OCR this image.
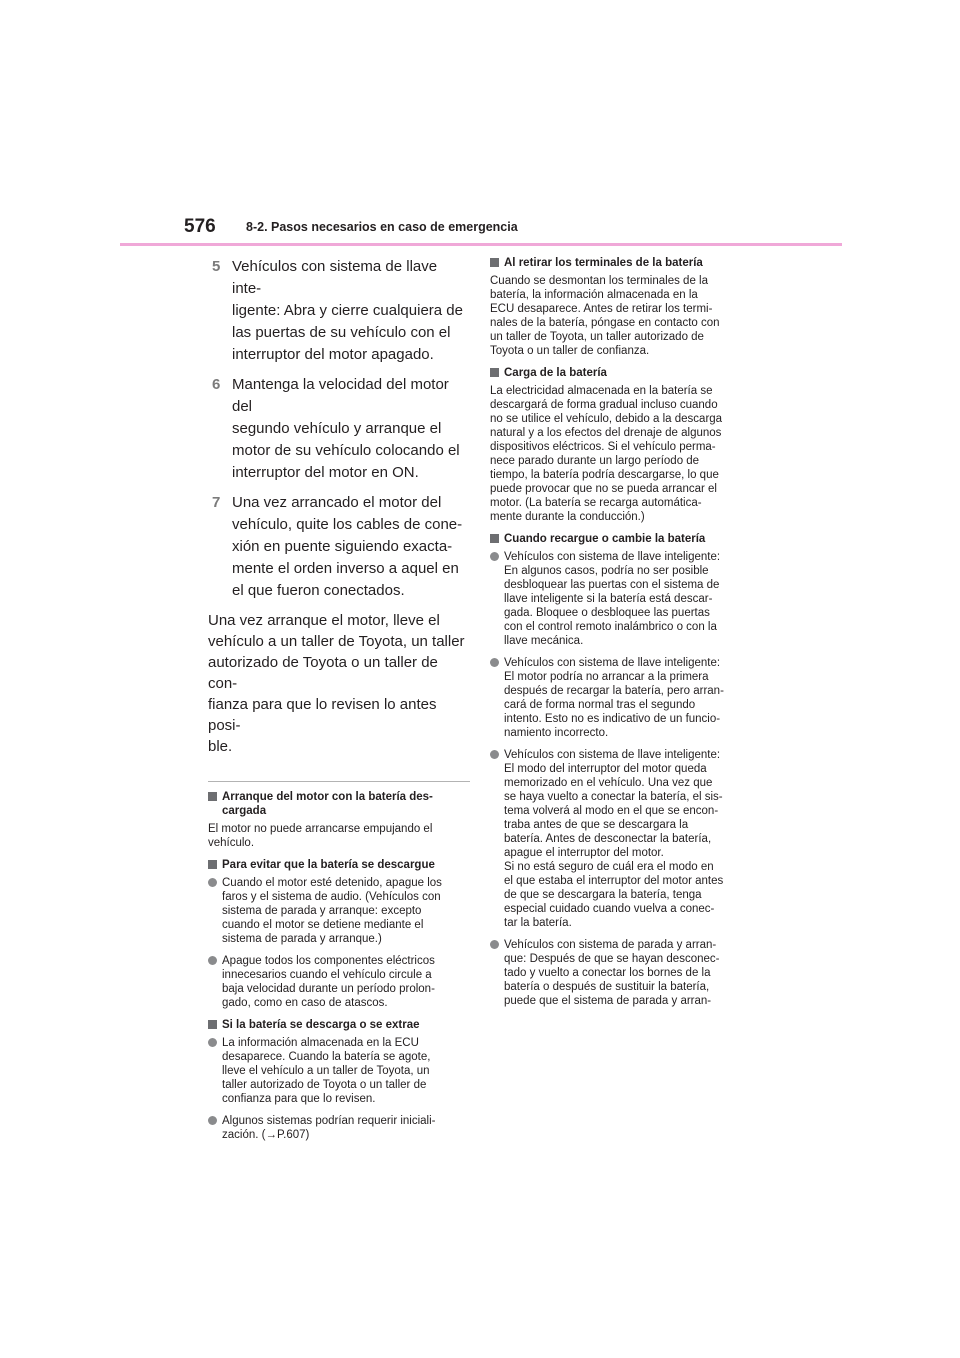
576 8-2. Pasos necesarios en caso de emergencia
5 Vehículos con sistema de llave inte-
ligente: Abra y cierre cualquiera de
las puertas de su vehículo con el
interruptor del motor apagado.
6 Mantenga la velocidad del motor del
segundo vehículo y arranque el
motor de su vehículo colocando el
interruptor del motor en ON.
7 Una vez arrancado el motor del
vehículo, quite los cables de cone-
xión en puente siguiendo exacta-
mente el orden inverso a aquel en
el que fueron conectados.
Una vez arranque el motor, lleve el
vehículo a un taller de Toyota, un taller
autorizado de Toyota o un taller de con-
fianza para que lo revisen lo antes posi-
ble.
Arranque del motor con la batería des-
cargada
El motor no puede arrancarse empujando el
vehículo.
Para evitar que la batería se descargue
Cuando el motor esté detenido, apague los
faros y el sistema de audio. (Vehículos con
sistema de parada y arranque: excepto
cuando el motor se detiene mediante el
sistema de parada y arranque.)
Apague todos los componentes eléctricos
innecesarios cuando el vehículo circule a
baja velocidad durante un período prolon-
gado, como en caso de atascos.
Si la batería se descarga o se extrae
La información almacenada en la ECU
desaparece. Cuando la batería se agote,
lleve el vehículo a un taller de Toyota, un
taller autorizado de Toyota o un taller de
confianza para que lo revisen.
Algunos sistemas podrían requerir iniciali-
zación. (→P.607)
Al retirar los terminales de la batería
Cuando se desmontan los terminales de la
batería, la información almacenada en la
ECU desaparece. Antes de retirar los termi-
nales de la batería, póngase en contacto con
un taller de Toyota, un taller autorizado de
Toyota o un taller de confianza.
Carga de la batería
La electricidad almacenada en la batería se
descargará de forma gradual incluso cuando
no se utilice el vehículo, debido a la descarga
natural y a los efectos del drenaje de algunos
dispositivos eléctricos. Si el vehículo perma-
nece parado durante un largo período de
tiempo, la batería podría descargarse, lo que
puede provocar que no se pueda arrancar el
motor. (La batería se recarga automática-
mente durante la conducción.)
Cuando recargue o cambie la batería
Vehículos con sistema de llave inteligente:
En algunos casos, podría no ser posible
desbloquear las puertas con el sistema de
llave inteligente si la batería está descar-
gada. Bloquee o desbloquee las puertas
con el control remoto inalámbrico o con la
llave mecánica.
Vehículos con sistema de llave inteligente:
El motor podría no arrancar a la primera
después de recargar la batería, pero arran-
cará de forma normal tras el segundo
intento. Esto no es indicativo de un funcio-
namiento incorrecto.
Vehículos con sistema de llave inteligente:
El modo del interruptor del motor queda
memorizado en el vehículo. Una vez que
se haya vuelto a conectar la batería, el sis-
tema volverá al modo en el que se encon-
traba antes de que se descargara la
batería. Antes de desconectar la batería,
apague el interruptor del motor.
Si no está seguro de cuál era el modo en
el que estaba el interruptor del motor antes
de que se descargara la batería, tenga
especial cuidado cuando vuelva a conec-
tar la batería.
Vehículos con sistema de parada y arran-
que: Después de que se hayan desconec-
tado y vuelto a conectar los bornes de la
batería o después de sustituir la batería,
puede que el sistema de parada y arran-
